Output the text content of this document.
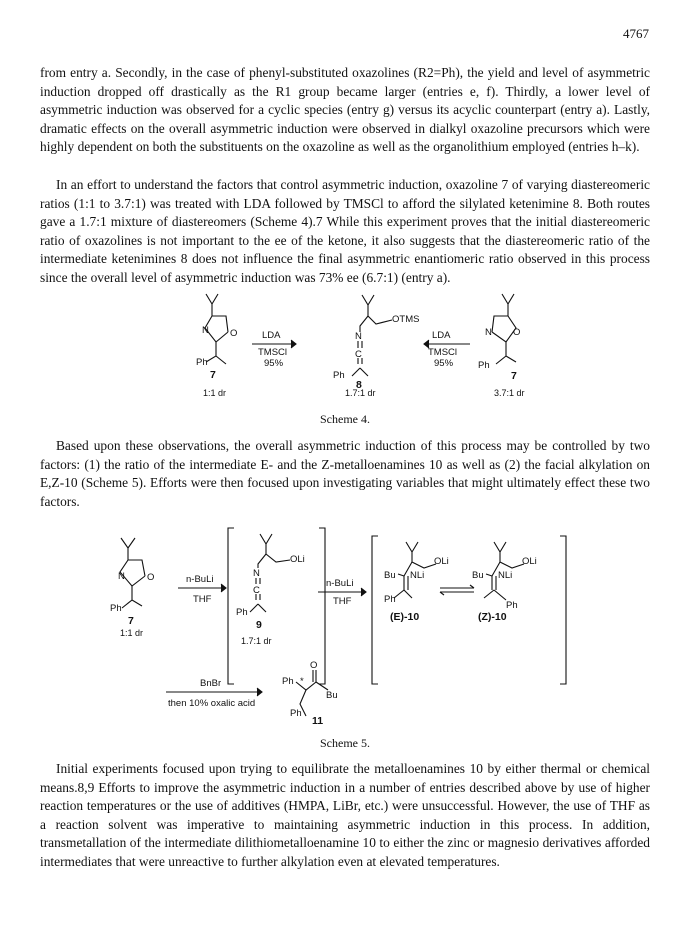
4767

from entry a. Secondly, in the case of phenyl-substituted oxazolines (R2=Ph), the yield and level of asymmetric induction dropped off drastically as the R1 group became larger (entries e, f). Thirdly, a lower level of asymmetric induction was observed for a cyclic species (entry g) versus its acyclic counterpart (entry a). Lastly, dramatic effects on the overall asymmetric induction were observed in dialkyl oxazoline precursors which were highly dependent on both the substituents on the oxazoline as well as the organolithium employed (entries h–k).

In an effort to understand the factors that control asymmetric induction, oxazoline 7 of varying diastereomeric ratios (1:1 to 3.7:1) was treated with LDA followed by TMSCl to afford the silylated ketenimine 8. Both routes gave a 1.7:1 mixture of diastereomers (Scheme 4).7 While this experiment proves that the initial diastereomeric ratio of oxazolines is not important to the ee of the ketone, it also suggests that the diastereomeric ratio of the intermediate ketenimines 8 does not influence the final asymmetric enantiomeric ratio observed in this process since the overall level of asymmetric induction was 73% ee (6.7:1) (entry a).

N O
Ph
7
1:1 dr
LDA
TMSCl
95%
N
C
OTMS
Ph
8
1.7:1 dr
LDA
TMSCl
95%
N O
Ph
7
3.7:1 dr
Scheme 4.

Based upon these observations, the overall asymmetric induction of this process may be controlled by two factors: (1) the ratio of the intermediate E- and the Z-metalloenamines 10 as well as (2) the facial alkylation on E,Z-10 (Scheme 5). Efforts were then focused upon investigating variables that might ultimately effect these two factors.

N O
Ph
7
1:1 dr
n-BuLi
THF
N
C
OLi
Ph
9
1.7:1 dr
n-BuLi
THF
Bu NLi
OLi
Ph
(E)-10
Bu NLi
OLi
Ph
(Z)-10
BnBr
then 10% oxalic acid
O
Ph *
Bu
Ph
11
Scheme 5.

Initial experiments focused upon trying to equilibrate the metalloenamines 10 by either thermal or chemical means.8,9 Efforts to improve the asymmetric induction in a number of entries described above by use of higher reaction temperatures or the use of additives (HMPA, LiBr, etc.) were unsuccessful. However, the use of THF as a reaction solvent was imperative to maintaining asymmetric induction in this process. In addition, transmetallation of the intermediate dilithiometalloenamine 10 to either the zinc or magnesio derivatives afforded intermediates that were unreactive to further alkylation even at elevated temperatures.
